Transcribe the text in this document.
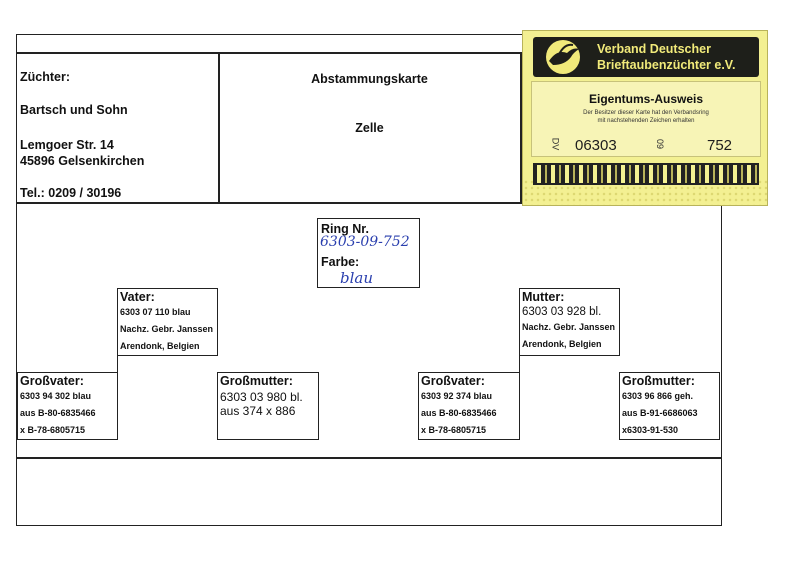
Züchter:
Bartsch und Sohn
Lemgoer Str. 14
45896 Gelsenkirchen
Tel.: 0209 / 30196
Abstammungskarte
Zelle
Verband Deutscher
Brieftaubenzüchter e.V.
Eigentums-Ausweis
Der Besitzer dieser Karte hat den Verbandsring
mit nachstehenden Zeichen erhalten
DV 06303	09	752
Ring Nr.
6303-09-752
Farbe:
blau
Vater:
6303 07 110 blau
Nachz. Gebr. Janssen
Arendonk, Belgien
Mutter:
6303 03 928 bl.
Nachz. Gebr. Janssen
Arendonk, Belgien
Großvater:
6303 94 302 blau
aus B-80-6835466
x B-78-6805715
Großmutter:
6303 03 980 bl.
aus 374 x 886
Großvater:
6303 92 374 blau
aus B-80-6835466
x B-78-6805715
Großmutter:
6303 96 866 geh.
aus B-91-6686063
x6303-91-530
